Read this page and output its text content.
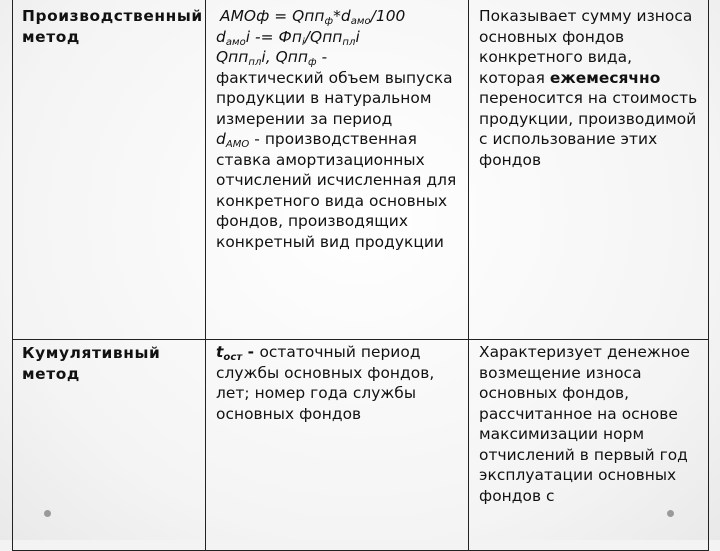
Производственный метод	АМОф = $Qпп_ф*d_{амо}/100$
$d_{амо}i -= Фп_i/Qпп_{пл}i$
Qпп$_{пл}$i, Qпп$_ф$ -
фактический объем выпуска продукции в натуральном измерении за период
$d_{АМО}$ - производственная ставка амортизационных отчислений исчисленная для конкретного вида основных фондов, производящих конкретный вид продукции	Показывает сумму износа основных фондов конкретного вида, которая ежемесячно переносится на стоимость продукции, производимой с использование этих фондов

Кумулятивный метод	$t_{ост}$ - остаточный период службы основных фондов, лет; номер года службы основных фондов	Характеризует денежное возмещение износа основных фондов, рассчитанное на основе максимизации норм отчислений в первый год эксплуатации основных фондов с
